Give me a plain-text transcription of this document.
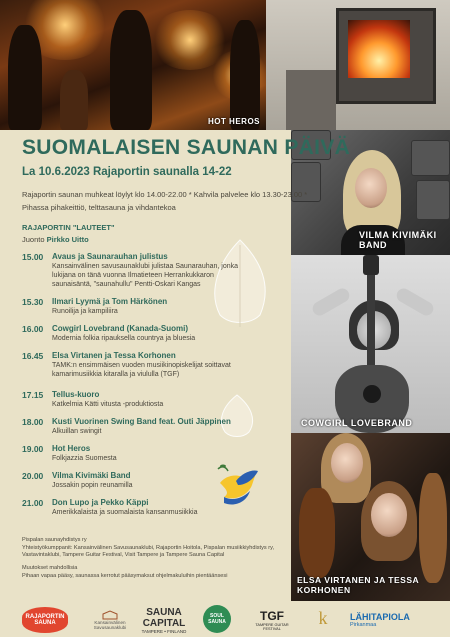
HOT HEROS
VILMA KIVIMÄKI BAND
COWGIRL LOVEBRAND
ELSA VIRTANEN JA TESSA KORHONEN
SUOMALAISEN SAUNAN PÄIVÄ
La 10.6.2023 Rajaportin saunalla 14-22
Rajaportin saunan muhkeat löylyt klo 14.00-22.00 * Kahvila palvelee klo 13.30-23.00 *
Pihassa pihakeittiö, telttasauna ja vihdantekoa
RAJAPORTIN "LAUTEET"
Juonto Pirkko Uitto
15.00 Avaus ja Saunarauhan julistus
Kansainvälinen savusaunaklubi julistaa Saunarauhan, jonka lukijana on tänä vuonna Ilmatieteen Herrankukkaron saunaisäntä, "saunahullu" Pentti-Oskari Kangas
15.30 Ilmari Lyymä ja Tom Härkönen
Runoilija ja kampiliira
16.00 Cowgirl Lovebrand (Kanada-Suomi)
Modernia folkia ripauksella countrya ja bluesia
16.45 Elsa Virtanen ja Tessa Korhonen
TAMK:n ensimmäisen vuoden musiikinopiskelijat soittavat kamarimusiikkia kitaralla ja viululla (TGF)
17.15 Tellus-kuoro
Katkelmia Kätti vitusta -produktiosta
18.00 Kusti Vuorinen Swing Band feat. Outi Jäppinen
Alkuillan swingit
19.00 Hot Heros
Folkjazzia Suomesta
20.00 Vilma Kivimäki Band
Jossakin popin reunamilla
21.00 Don Lupo ja Pekko Käppi
Amerikkalaista ja suomalaista kansanmusiikkia
Pispalan saunayhdistys ry
Yhteistyökumppanit: Kansainvälinen Savusaunaklubi, Rajaportin Hoitola, Pispalan musiikkiyhdistys ry, Vastavintaklubi, Tampere Guitar Festival, Visit Tampere ja Tampere Sauna Capital
Muutokset mahdollisia
Pihaan vapaa pääsy, saunassa kerrotut pääsymaksut ohjelmakuluihin pientäänsesi
RAJAPORTIN SAUNA	Kansainvälinen Savusaunaklubi
SAUNA CAPITAL
TAMPERE • FINLAND
SOUL SAUNA	TGF
TAMPERE GUITAR FESTIVAL
k	LÄHITAPIOLA
Pirkanmaa
